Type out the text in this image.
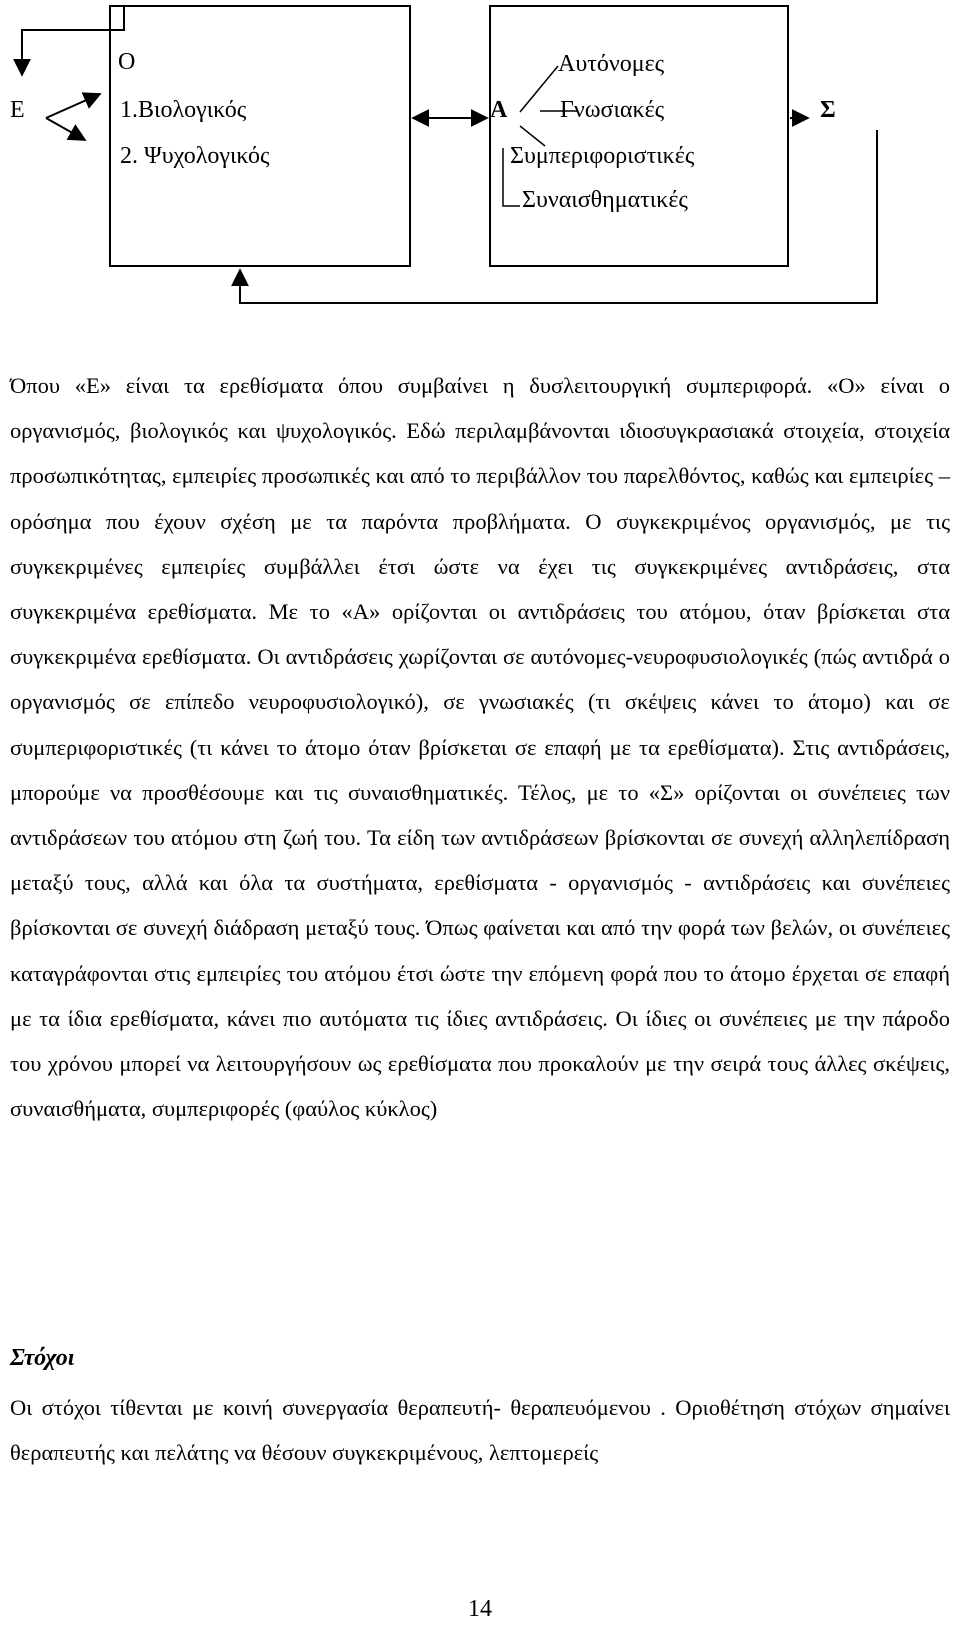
Ε
Ο
1.Βιολογικός
2. Ψυχολογικός
Α
Αυτόνομες
Γνωσιακές
Συμπεριφοριστικές
Συναισθηματικές
Σ

Όπου «Ε» είναι τα ερεθίσματα όπου συμβαίνει η δυσλειτουργική συμπεριφορά. «Ο» είναι ο οργανισμός, βιολογικός και ψυχολογικός. Εδώ περιλαμβάνονται ιδιοσυγκρασιακά στοιχεία, στοιχεία προσωπικότητας, εμπειρίες προσωπικές και από το περιβάλλον του παρελθόντος, καθώς και εμπειρίες – ορόσημα που έχουν σχέση με τα παρόντα προβλήματα. Ο συγκεκριμένος οργανισμός, με τις συγκεκριμένες εμπειρίες συμβάλλει έτσι ώστε να έχει τις συγκεκριμένες αντιδράσεις, στα συγκεκριμένα ερεθίσματα. Με το «Α» ορίζονται οι αντιδράσεις του ατόμου, όταν βρίσκεται στα συγκεκριμένα ερεθίσματα. Οι αντιδράσεις χωρίζονται σε αυτόνομες-νευροφυσιολογικές (πώς αντιδρά ο οργανισμός σε επίπεδο νευροφυσιολογικό), σε γνωσιακές (τι σκέψεις κάνει το άτομο) και σε συμπεριφοριστικές (τι κάνει το άτομο όταν βρίσκεται σε επαφή με τα ερεθίσματα). Στις αντιδράσεις, μπορούμε να προσθέσουμε και τις συναισθηματικές. Τέλος, με το «Σ» ορίζονται οι συνέπειες των αντιδράσεων του ατόμου στη ζωή του. Τα είδη των αντιδράσεων βρίσκονται σε συνεχή αλληλεπίδραση μεταξύ τους, αλλά και όλα τα συστήματα, ερεθίσματα - οργανισμός - αντιδράσεις και συνέπειες βρίσκονται σε συνεχή διάδραση μεταξύ τους. Όπως φαίνεται και από την φορά των βελών, οι συνέπειες καταγράφονται στις εμπειρίες του ατόμου έτσι ώστε την επόμενη φορά που το άτομο έρχεται σε επαφή με τα ίδια ερεθίσματα, κάνει πιο αυτόματα τις ίδιες αντιδράσεις. Οι ίδιες οι συνέπειες με την πάροδο του χρόνου μπορεί να λειτουργήσουν ως ερεθίσματα που προκαλούν με την σειρά τους άλλες σκέψεις, συναισθήματα, συμπεριφορές (φαύλος κύκλος)

Στόχοι

Οι στόχοι τίθενται με κοινή συνεργασία θεραπευτή- θεραπευόμενου . Οριοθέτηση στόχων σημαίνει θεραπευτής και πελάτης να θέσουν συγκεκριμένους, λεπτομερείς

14
